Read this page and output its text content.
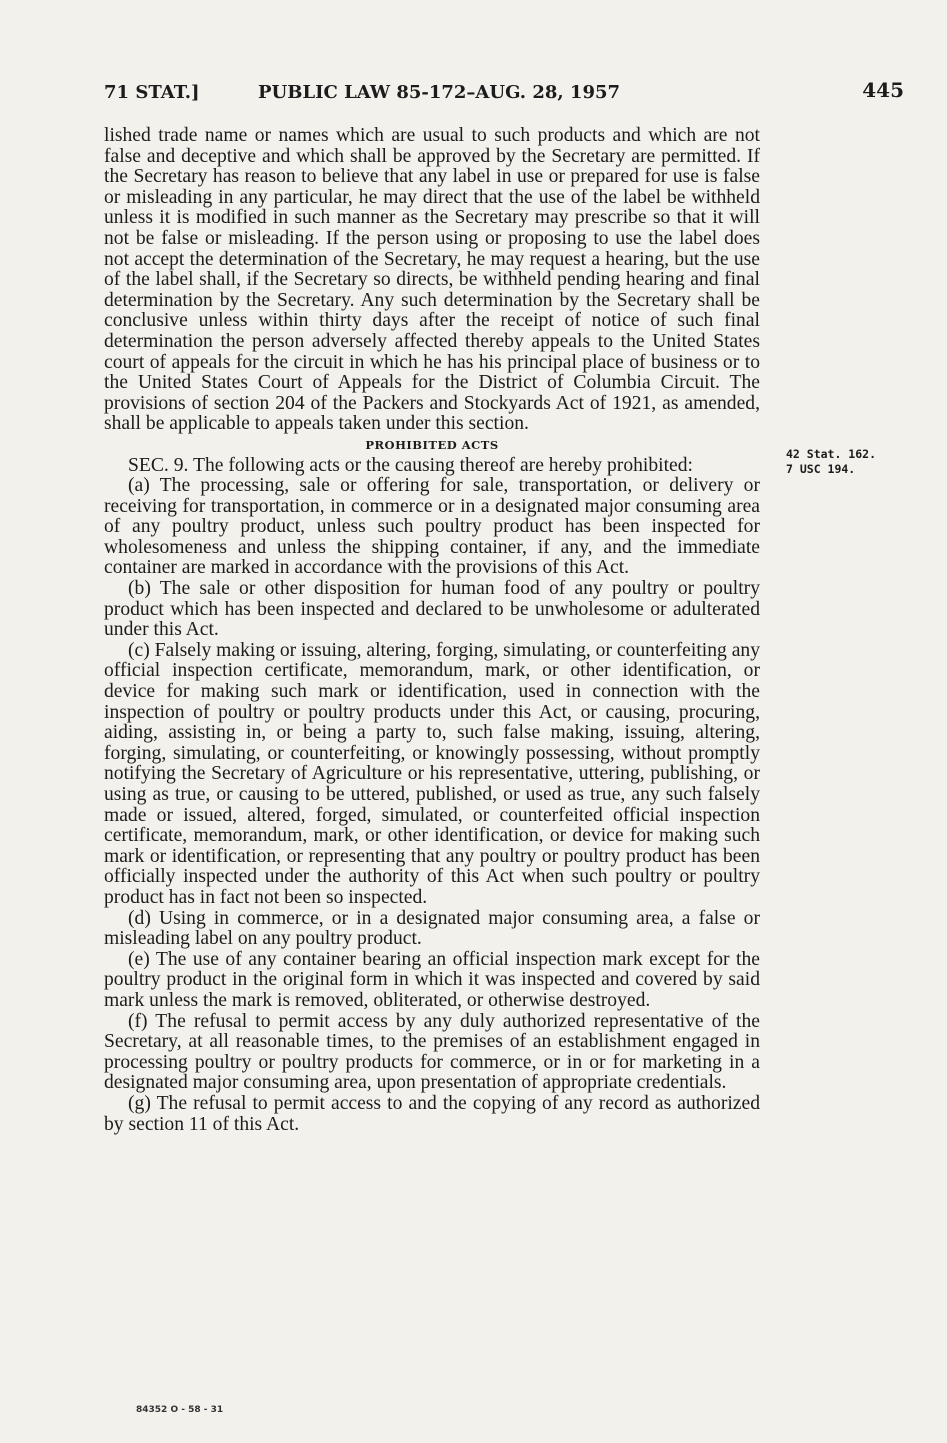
71 STAT.]	PUBLIC LAW 85-172–AUG. 28, 1957	445

lished trade name or names which are usual to such products and which are not false and deceptive and which shall be approved by the Secretary are permitted. If the Secretary has reason to believe that any label in use or prepared for use is false or misleading in any particular, he may direct that the use of the label be withheld unless it is modified in such manner as the Secretary may prescribe so that it will not be false or misleading. If the person using or proposing to use the label does not accept the determination of the Secretary, he may request a hearing, but the use of the label shall, if the Secretary so directs, be withheld pending hearing and final determination by the Secretary. Any such determination by the Secretary shall be conclusive unless within thirty days after the receipt of notice of such final determination the person adversely affected thereby appeals to the United States court of appeals for the circuit in which he has his principal place of business or to the United States Court of Appeals for the District of Columbia Circuit. The provisions of section 204 of the Packers and Stockyards Act of 1921, as amended, shall be applicable to appeals taken under this section.

PROHIBITED ACTS

SEC. 9. The following acts or the causing thereof are hereby prohibited:

(a) The processing, sale or offering for sale, transportation, or delivery or receiving for transportation, in commerce or in a designated major consuming area of any poultry product, unless such poultry product has been inspected for wholesomeness and unless the shipping container, if any, and the immediate container are marked in accordance with the provisions of this Act.

(b) The sale or other disposition for human food of any poultry or poultry product which has been inspected and declared to be unwholesome or adulterated under this Act.

(c) Falsely making or issuing, altering, forging, simulating, or counterfeiting any official inspection certificate, memorandum, mark, or other identification, or device for making such mark or identification, used in connection with the inspection of poultry or poultry products under this Act, or causing, procuring, aiding, assisting in, or being a party to, such false making, issuing, altering, forging, simulating, or counterfeiting, or knowingly possessing, without promptly notifying the Secretary of Agriculture or his representative, uttering, publishing, or using as true, or causing to be uttered, published, or used as true, any such falsely made or issued, altered, forged, simulated, or counterfeited official inspection certificate, memorandum, mark, or other identification, or device for making such mark or identification, or representing that any poultry or poultry product has been officially inspected under the authority of this Act when such poultry or poultry product has in fact not been so inspected.

(d) Using in commerce, or in a designated major consuming area, a false or misleading label on any poultry product.

(e) The use of any container bearing an official inspection mark except for the poultry product in the original form in which it was inspected and covered by said mark unless the mark is removed, obliterated, or otherwise destroyed.

(f) The refusal to permit access by any duly authorized representative of the Secretary, at all reasonable times, to the premises of an establishment engaged in processing poultry or poultry products for commerce, or in or for marketing in a designated major consuming area, upon presentation of appropriate credentials.

(g) The refusal to permit access to and the copying of any record as authorized by section 11 of this Act.

42 Stat. 162.
7 USC 194.
84352 O - 58 - 31
